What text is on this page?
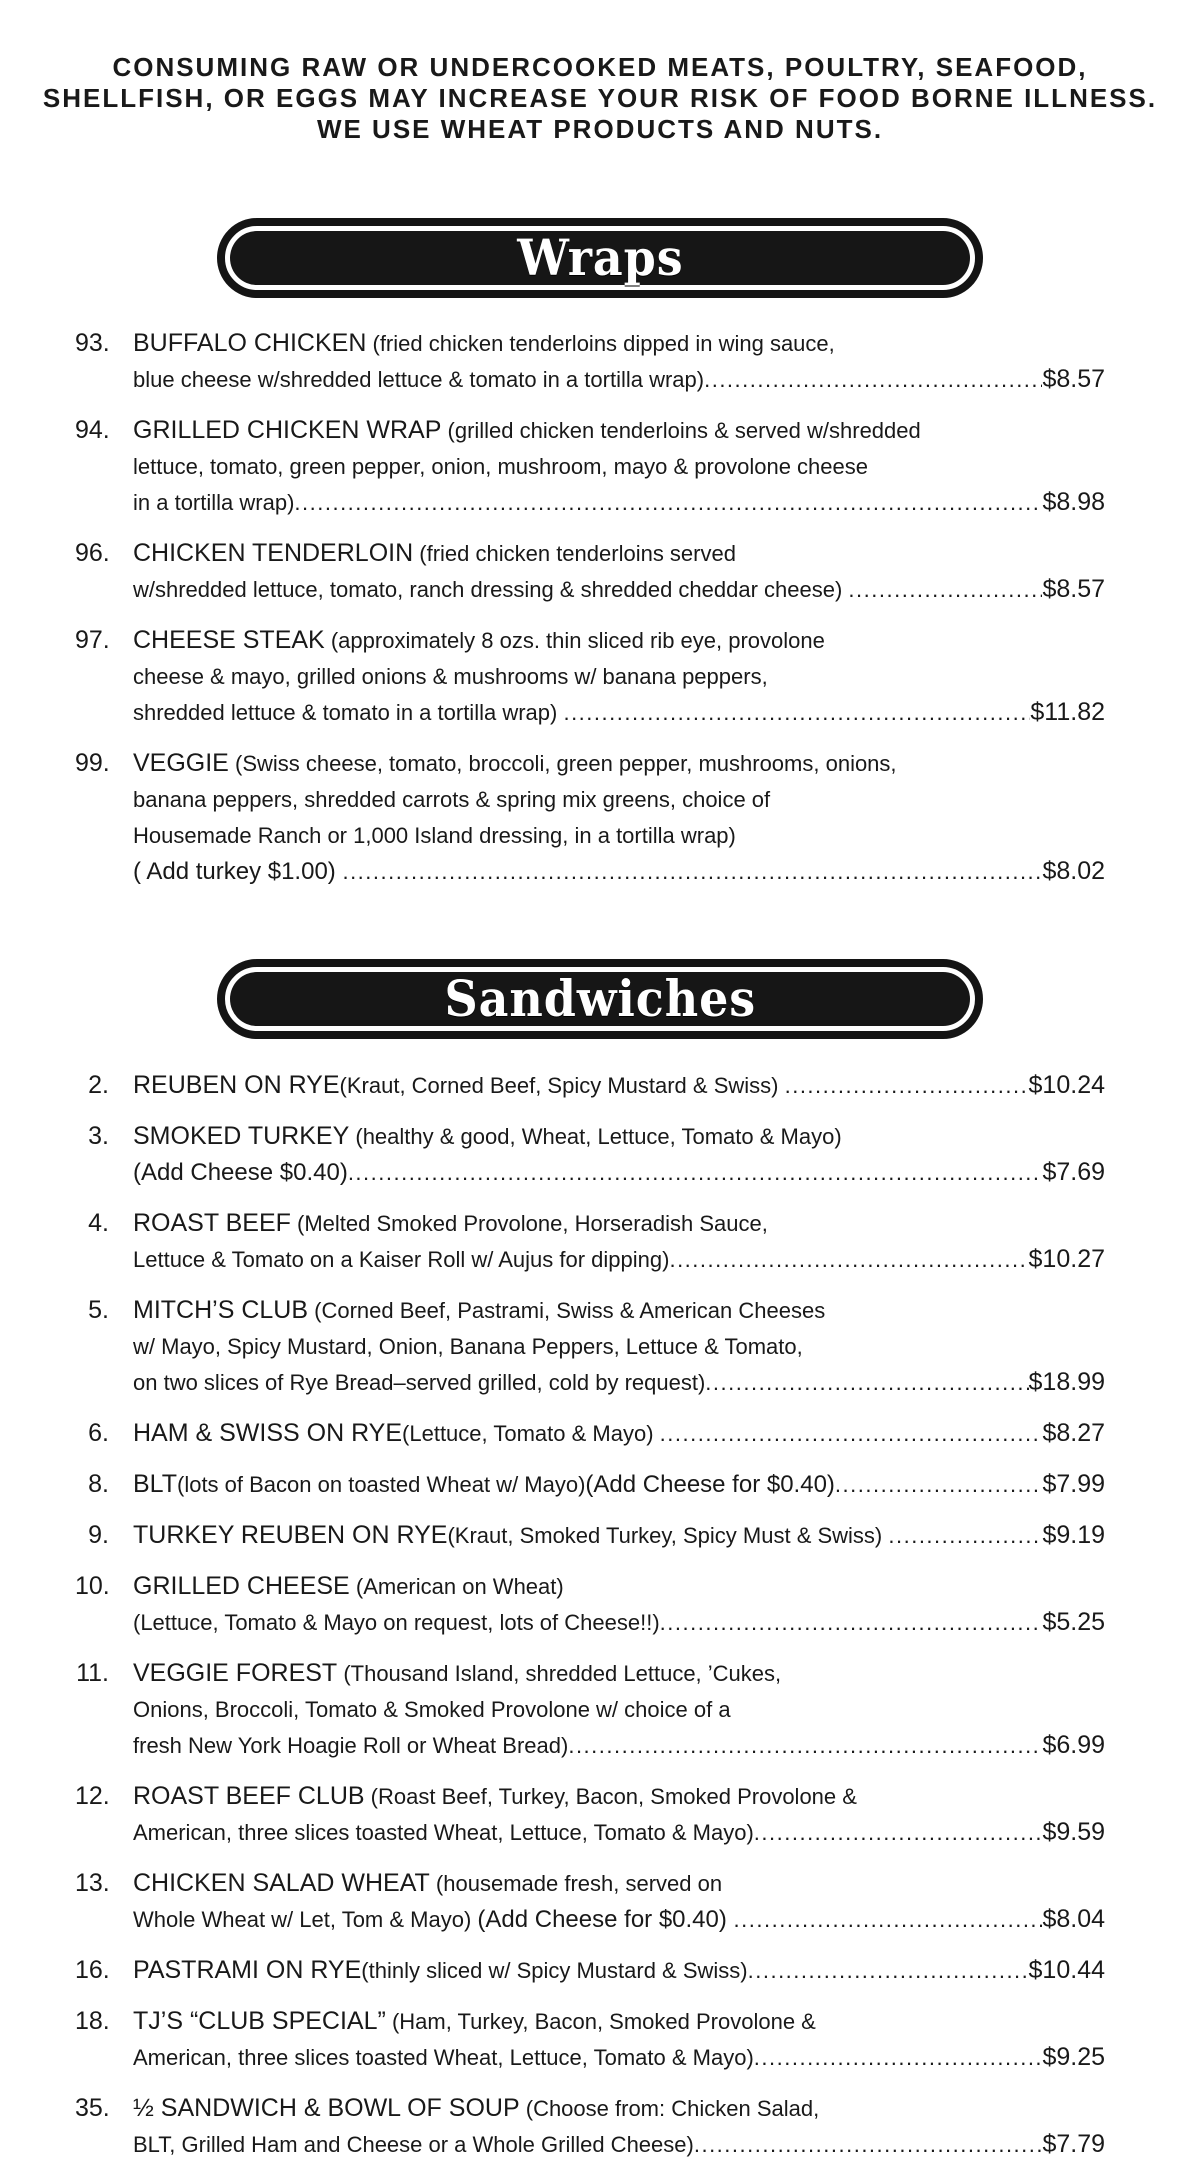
CONSUMING RAW OR UNDERCOOKED MEATS, POULTRY, SEAFOOD,
SHELLFISH, OR EGGS MAY INCREASE YOUR RISK OF FOOD BORNE ILLNESS.
WE USE WHEAT PRODUCTS AND NUTS.
Wraps
93. BUFFALO CHICKEN (fried chicken tenderloins dipped in wing sauce,
blue cheese w/shredded lettuce & tomato in a tortilla wrap) .....	$8.57
94. GRILLED CHICKEN WRAP (grilled chicken tenderloins & served w/shredded
lettuce, tomato, green pepper, onion, mushroom, mayo & provolone cheese
in a tortilla wrap) .....	$8.98
96. CHICKEN TENDERLOIN (fried chicken tenderloins served
w/shredded lettuce, tomato, ranch dressing & shredded cheddar cheese) .....	$8.57
97. CHEESE STEAK (approximately 8 ozs. thin sliced rib eye, provolone
cheese & mayo, grilled onions & mushrooms w/ banana peppers,
shredded lettuce & tomato in a tortilla wrap) .....	$11.82
99. VEGGIE (Swiss cheese, tomato, broccoli, green pepper, mushrooms, onions,
banana peppers, shredded carrots & spring mix greens, choice of
Housemade Ranch or 1,000 Island dressing, in a tortilla wrap)
( Add turkey $1.00) .....	$8.02
Sandwiches
2. REUBEN ON RYE (Kraut, Corned Beef, Spicy Mustard & Swiss) .....	$10.24
3. SMOKED TURKEY (healthy & good, Wheat, Lettuce, Tomato & Mayo)
(Add Cheese $0.40) .....	$7.69
4. ROAST BEEF (Melted Smoked Provolone, Horseradish Sauce,
Lettuce & Tomato on a Kaiser Roll w/ Aujus for dipping) .....	$10.27
5. MITCH’S CLUB (Corned Beef, Pastrami, Swiss & American Cheeses
w/ Mayo, Spicy Mustard, Onion, Banana Peppers, Lettuce & Tomato,
on two slices of Rye Bread–served grilled, cold by request) .....	$18.99
6. HAM & SWISS ON RYE (Lettuce, Tomato & Mayo) .....	$8.27
8. BLT (lots of Bacon on toasted Wheat w/ Mayo) (Add Cheese for $0.40) .....	$7.99
9. TURKEY REUBEN ON RYE (Kraut, Smoked Turkey, Spicy Must & Swiss) .....	$9.19
10. GRILLED CHEESE (American on Wheat)
(Lettuce, Tomato & Mayo on request, lots of Cheese!!) .....	$5.25
11. VEGGIE FOREST (Thousand Island, shredded Lettuce, ’Cukes,
Onions, Broccoli, Tomato & Smoked Provolone w/ choice of a
fresh New York Hoagie Roll or Wheat Bread) .....	$6.99
12. ROAST BEEF CLUB (Roast Beef, Turkey, Bacon, Smoked Provolone &
American, three slices toasted Wheat, Lettuce, Tomato & Mayo) .....	$9.59
13. CHICKEN SALAD WHEAT (housemade fresh, served on
Whole Wheat w/ Let, Tom & Mayo) (Add Cheese for $0.40) .....	$8.04
16. PASTRAMI ON RYE (thinly sliced w/ Spicy Mustard & Swiss) .....	$10.44
18. TJ’S “CLUB SPECIAL” (Ham, Turkey, Bacon, Smoked Provolone &
American, three slices toasted Wheat, Lettuce, Tomato & Mayo) .....	$9.25
35. ½ SANDWICH & BOWL OF SOUP (Choose from: Chicken Salad,
BLT, Grilled Ham and Cheese or a Whole Grilled Cheese) .....	$7.79
